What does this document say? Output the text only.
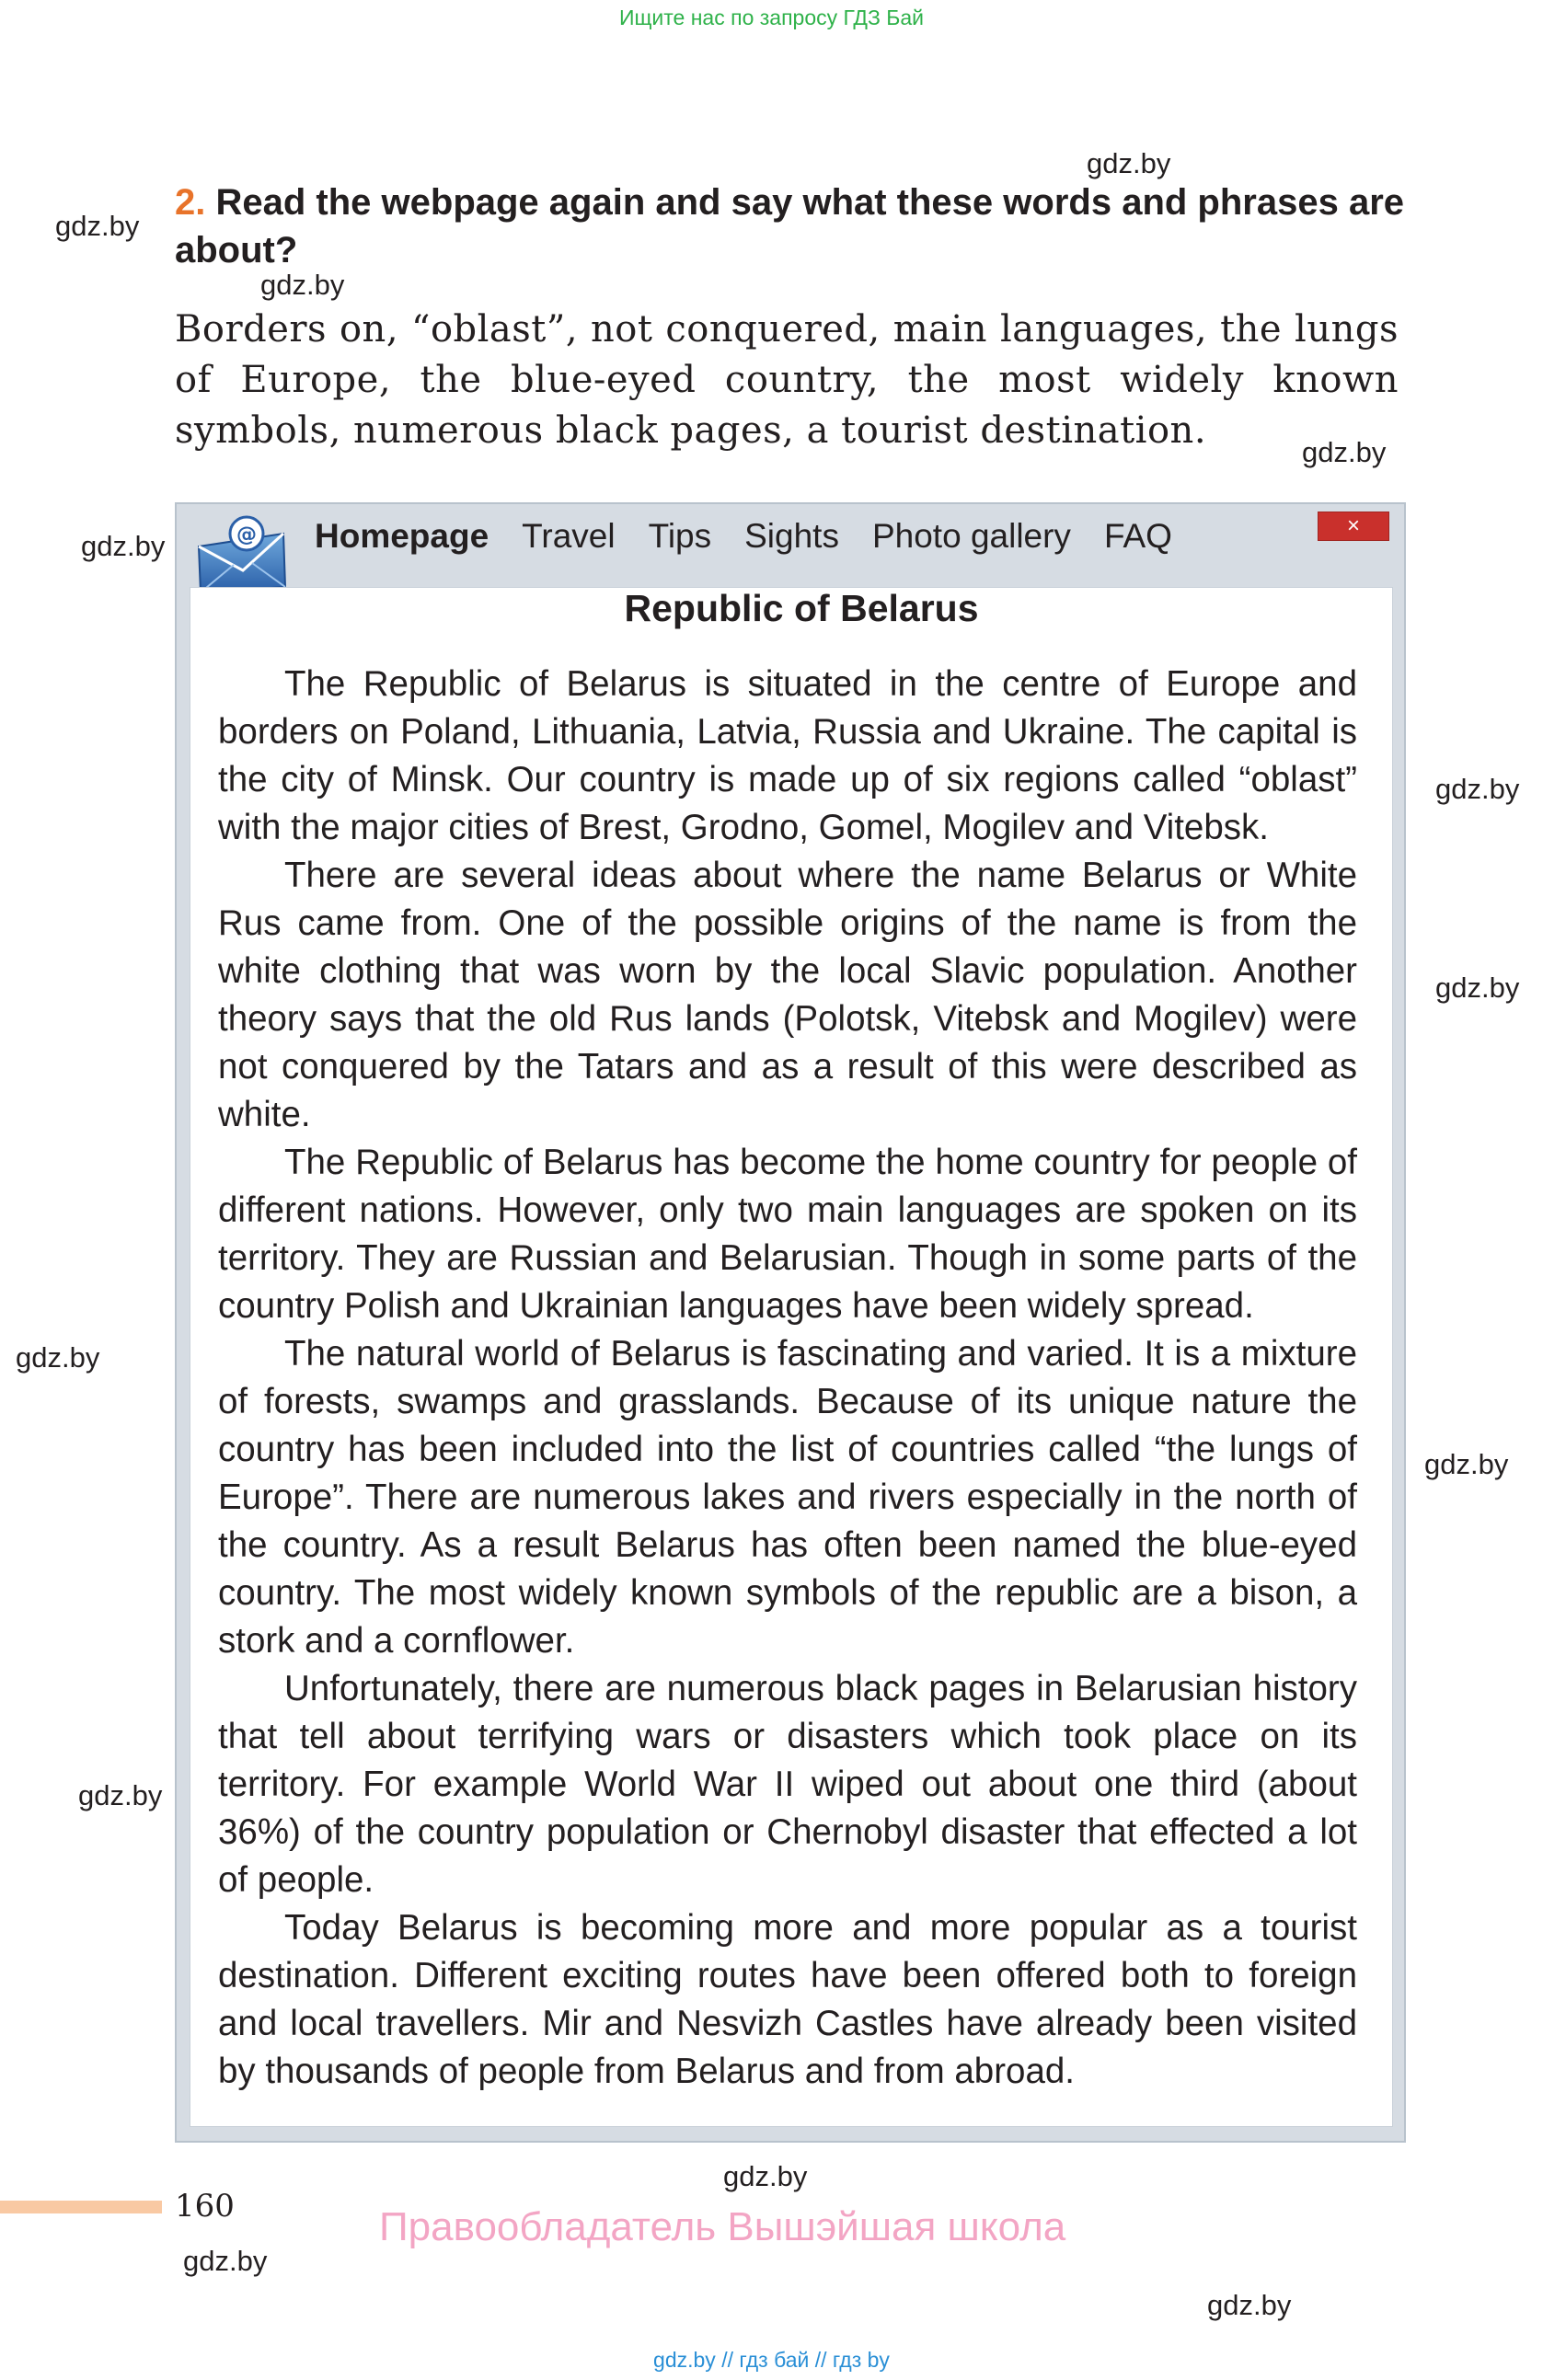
Ищите нас по запросу ГДЗ Бай
gdz.by
gdz.by
gdz.by
gdz.by
gdz.by
gdz.by
gdz.by
gdz.by
gdz.by
gdz.by
gdz.by
gdz.by
gdz.by
2. Read the webpage again and say what these words and phrases are about?
Borders on, “oblast”, not conquered, main languages, the lungs of Europe, the blue-eyed country, the most widely known symbols, numerous black pages, a tourist destination.
@ Homepage Travel Tips Sights Photo gallery FAQ	×
Republic of Belarus

The Republic of Belarus is situated in the centre of Europe and borders on Poland, Lithuania, Latvia, Russia and Ukraine. The capital is the city of Minsk. Our country is made up of six regions called “oblast” with the major cities of Brest, Grodno, Gomel, Mogilev and Vitebsk.

There are several ideas about where the name Belarus or White Rus came from. One of the possible origins of the name is from the white clothing that was worn by the local Slavic population. Another theory says that the old Rus lands (Polotsk, Vitebsk and Mogilev) were not conquered by the Tatars and as a result of this were described as white.

The Republic of Belarus has become the home country for people of different nations. However, only two main languages are spoken on its territory. They are Russian and Belarusian. Though in some parts of the country Polish and Ukrainian languages have been widely spread.

The natural world of Belarus is fascinating and varied. It is a mixture of forests, swamps and grasslands. Because of its unique nature the country has been included into the list of countries called “the lungs of Europe”. There are numerous lakes and rivers especially in the north of the country. As a result Belarus has often been named the blue-eyed country. The most widely known symbols of the republic are a bison, a stork and a cornflower.

Unfortunately, there are numerous black pages in Belarusian history that tell about terrifying wars or disasters which took place on its territory. For example World War II wiped out about one third (about 36%) of the country population or Chernobyl disaster that effected a lot of people.

Today Belarus is becoming more and more popular as a tourist destination. Different exciting routes have been offered both to foreign and local travellers. Mir and Nesvizh Castles have already been visited by thousands of people from Belarus and from abroad.

160	Правообладатель Вышэйшая школа
gdz.by // гдз бай // гдз by
